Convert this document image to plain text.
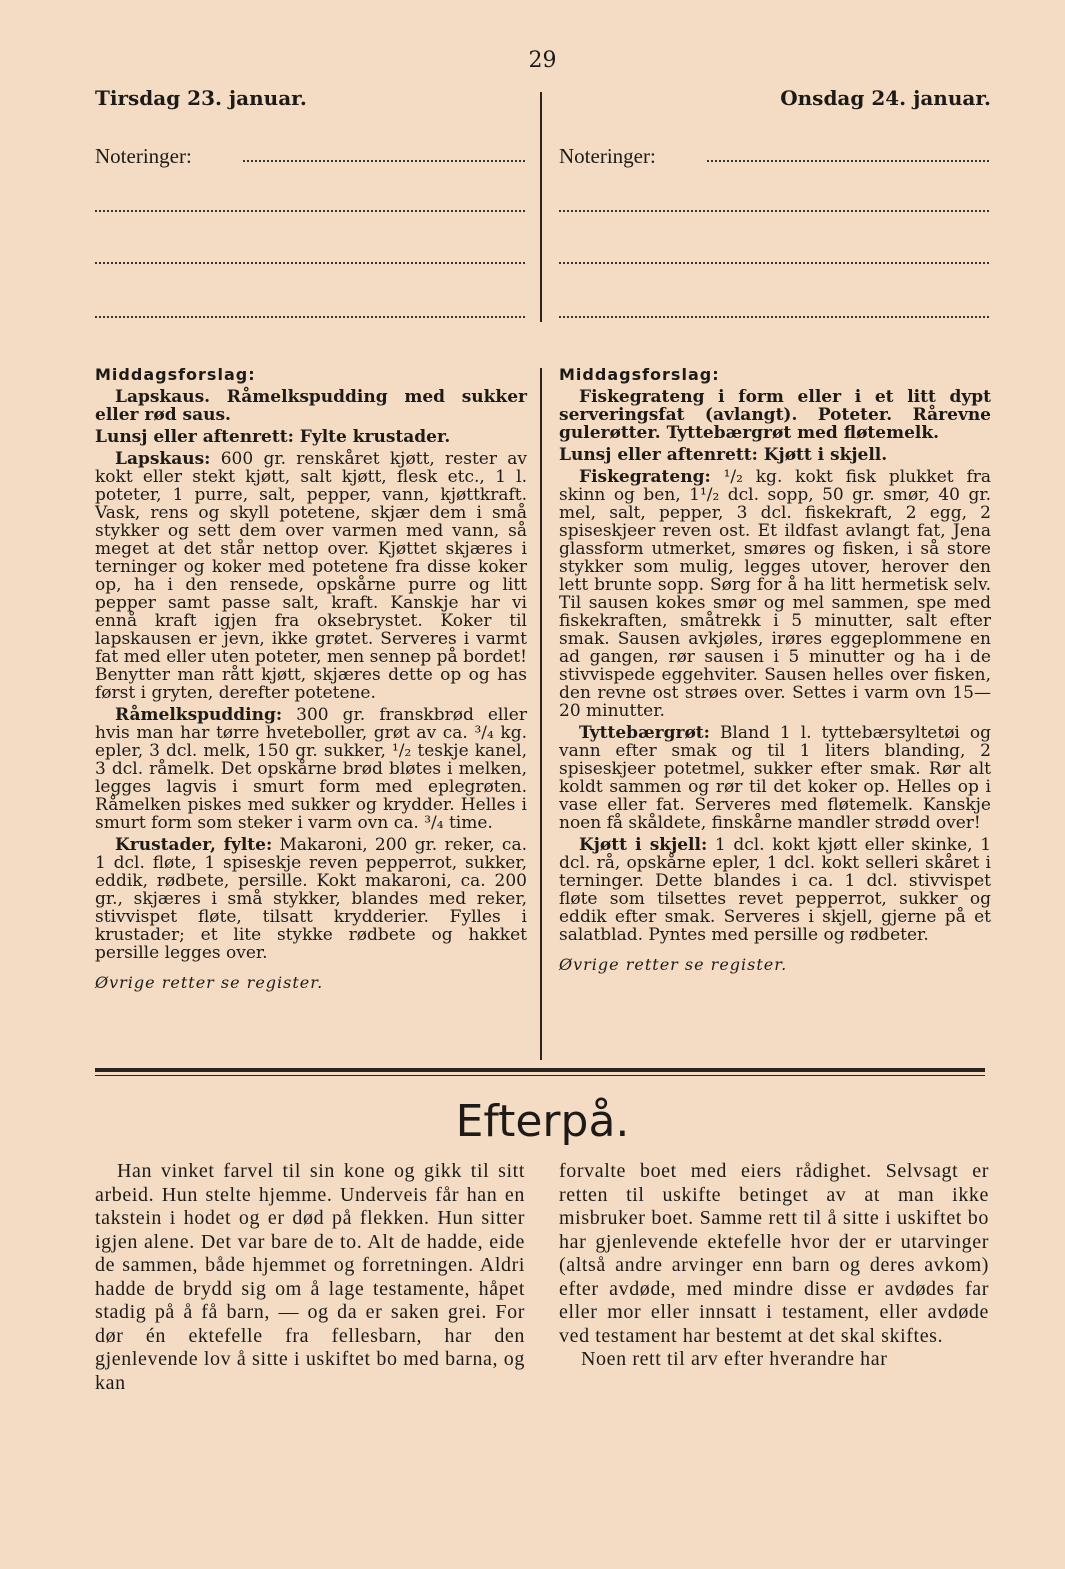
29
Tirsdag 23. januar.	Onsdag 24. januar.
Noteringer:	Noteringer:
Middagsforslag:

Lapskaus. Råmelkspudding med sukker eller rød saus.

Lunsj eller aftenrett: Fylte krustader.

Lapskaus: 600 gr. renskåret kjøtt, rester av kokt eller stekt kjøtt, salt kjøtt, flesk etc., 1 l. poteter, 1 purre, salt, pepper, vann, kjøttkraft. Vask, rens og skyll potetene, skjær dem i små stykker og sett dem over varmen med vann, så meget at det står nettop over. Kjøttet skjæres i terninger og koker med potetene fra disse koker op, ha i den rensede, opskårne purre og litt pepper samt passe salt, kraft. Kanskje har vi ennå kraft igjen fra oksebrystet. Koker til lapskausen er jevn, ikke grøtet. Serveres i varmt fat med eller uten poteter, men sennep på bordet! Benytter man rått kjøtt, skjæres dette op og has først i gryten, derefter potetene.

Råmelkspudding: 300 gr. franskbrød eller hvis man har tørre hveteboller, grøt av ca. ³/₄ kg. epler, 3 dcl. melk, 150 gr. sukker, ¹/₂ teskje kanel, 3 dcl. råmelk. Det opskårne brød bløtes i melken, legges lagvis i smurt form med eplegrøten. Råmelken piskes med sukker og krydder. Helles i smurt form som steker i varm ovn ca. ³/₄ time.

Krustader, fylte: Makaroni, 200 gr. reker, ca. 1 dcl. fløte, 1 spiseskje reven pepperrot, sukker, eddik, rødbete, persille. Kokt makaroni, ca. 200 gr., skjæres i små stykker, blandes med reker, stivvispet fløte, tilsatt krydderier. Fylles i krustader; et lite stykke rødbete og hakket persille legges over.

Øvrige retter se register.
Middagsforslag:

Fiskegrateng i form eller i et litt dypt serveringsfat (avlangt). Poteter. Rårevne gulerøtter. Tyttebærgrøt med fløtemelk.

Lunsj eller aftenrett: Kjøtt i skjell.

Fiskegrateng: ¹/₂ kg. kokt fisk plukket fra skinn og ben, 1¹/₂ dcl. sopp, 50 gr. smør, 40 gr. mel, salt, pepper, 3 dcl. fiskekraft, 2 egg, 2 spiseskjeer reven ost. Et ildfast avlangt fat, Jena glassform utmerket, smøres og fisken, i så store stykker som mulig, legges utover, herover den lett brunte sopp. Sørg for å ha litt hermetisk selv. Til sausen kokes smør og mel sammen, spe med fiskekraften, småtrekk i 5 minutter, salt efter smak. Sausen avkjøles, irøres eggeplommene en ad gangen, rør sausen i 5 minutter og ha i de stivvispede eggehviter. Sausen helles over fisken, den revne ost strøes over. Settes i varm ovn 15—20 minutter.

Tyttebærgrøt: Bland 1 l. tyttebærsyltetøi og vann efter smak og til 1 liters blanding, 2 spiseskjeer potetmel, sukker efter smak. Rør alt koldt sammen og rør til det koker op. Helles op i vase eller fat. Serveres med fløtemelk. Kanskje noen få skåldete, finskårne mandler strødd over!

Kjøtt i skjell: 1 dcl. kokt kjøtt eller skinke, 1 dcl. rå, opskårne epler, 1 dcl. kokt selleri skåret i terninger. Dette blandes i ca. 1 dcl. stivvispet fløte som tilsettes revet pepperrot, sukker og eddik efter smak. Serveres i skjell, gjerne på et salatblad. Pyntes med persille og rødbeter.

Øvrige retter se register.
Efterpå.

Han vinket farvel til sin kone og gikk til sitt arbeid. Hun stelte hjemme. Underveis får han en takstein i hodet og er død på flekken. Hun sitter igjen alene. Det var bare de to. Alt de hadde, eide de sammen, både hjemmet og forretningen. Aldri hadde de brydd sig om å lage testamente, håpet stadig på å få barn, — og da er saken grei. For dør én ektefelle fra fellesbarn, har den gjenlevende lov å sitte i uskiftet bo med barna, og kan

forvalte boet med eiers rådighet. Selvsagt er retten til uskifte betinget av at man ikke misbruker boet. Samme rett til å sitte i uskiftet bo har gjenlevende ektefelle hvor der er utarvinger (altså andre arvinger enn barn og deres avkom) efter avdøde, med mindre disse er avdødes far eller mor eller innsatt i testament, eller avdøde ved testament har bestemt at det skal skiftes.

Noen rett til arv efter hverandre har
